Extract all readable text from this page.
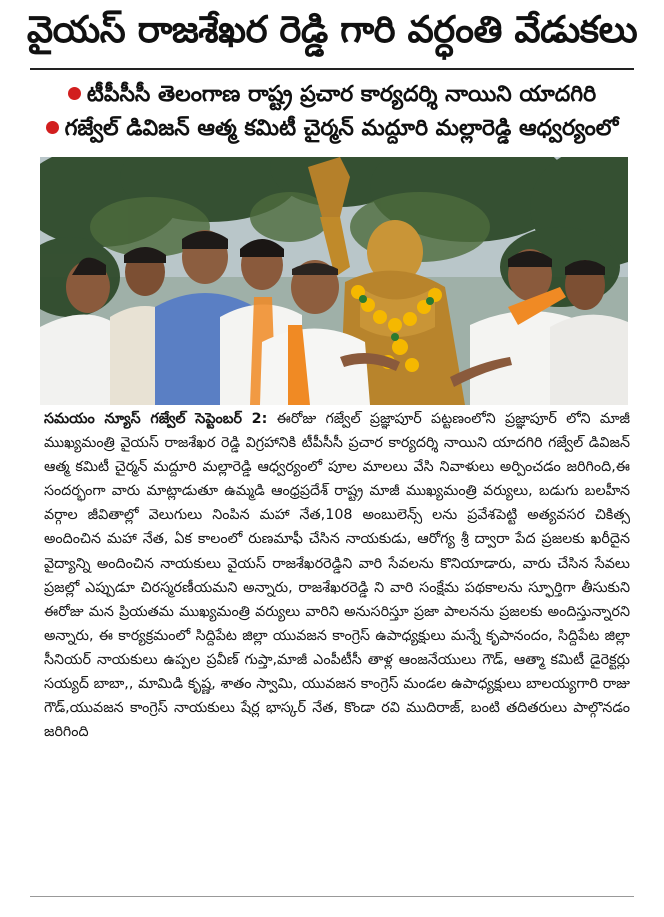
వైయస్ రాజశేఖర రెడ్డి గారి వర్ధంతి వేడుకలు
టీపీసీసీ తెలంగాణ రాష్ట్ర ప్రచార కార్యదర్శి నాయిని యాదగిరి
గజ్వేల్ డివిజన్ ఆత్మ కమిటీ చైర్మన్ మద్దూరి మల్లారెడ్డి ఆధ్వర్యంలో
సమయం న్యూస్ గజ్వేల్ సెప్టెంబర్ 2: ఈరోజు గజ్వేల్ ప్రజ్ఞాపూర్ పట్టణంలోని ప్రజ్ఞాపూర్ లోని మాజీ ముఖ్యమంత్రి వైయస్ రాజశేఖర రెడ్డి విగ్రహానికి టీపీసీసీ ప్రచార కార్యదర్శి నాయిని యాదగిరి గజ్వేల్ డివిజన్ ఆత్మ కమిటీ చైర్మన్ మద్దూరి మల్లారెడ్డి ఆధ్వర్యంలో పూల మాలలు వేసి నివాళులు అర్పించడం జరిగింది,ఈ సందర్భంగా వారు మాట్లాడుతూ ఉమ్మడి ఆంధ్రప్రదేశ్ రాష్ట్ర మాజీ ముఖ్యమంత్రి వర్యులు, బడుగు బలహీన వర్గాల జీవితాల్లో వెలుగులు నింపిన మహా నేత,108 అంబులెన్స్ లను ప్రవేశపెట్టి అత్యవసర చికిత్స అందించిన మహా నేత, ఏక కాలంలో రుణమాఫీ చేసిన నాయకుడు, ఆరోగ్య శ్రీ ద్వారా పేద ప్రజలకు ఖరీదైన వైద్యాన్ని అందించిన నాయకులు వైయస్ రాజశేఖరరెడ్డిని వారి సేవలను కొనియాడారు, వారు చేసిన సేవలు ప్రజల్లో ఎప్పుడూ చిరస్మరణీయమని అన్నారు, రాజశేఖరరెడ్డి ని వారి సంక్షేమ పథకాలను స్ఫూర్తిగా తీసుకుని ఈరోజు మన ప్రియతమ ముఖ్యమంత్రి వర్యులు వారిని అనుసరిస్తూ ప్రజా పాలనను ప్రజలకు అందిస్తున్నారని అన్నారు, ఈ కార్యక్రమంలో సిద్దిపేట జిల్లా యువజన కాంగ్రెస్ ఉపాధ్యక్షులు మన్నే కృపానందం, సిద్దిపేట జిల్లా సీనియర్ నాయకులు ఉప్పల ప్రవీణ్ గుప్తా,మాజీ ఎంపీటీసీ తాళ్ల ఆంజనేయులు గౌడ్, ఆత్మా కమిటీ డైరెక్టర్లు సయ్యద్ బాబా,, మామిడి కృష్ణ, శాతం స్వామి, యువజన కాంగ్రెస్ మండల ఉపాధ్యక్షులు బాలయ్యగారి రాజు గౌడ్,యువజన కాంగ్రెస్ నాయకులు షేర్ల భాస్కర్ నేత, కొండా రవి ముదిరాజ్, బంటి తదితరులు పాల్గొనడం జరిగింది
